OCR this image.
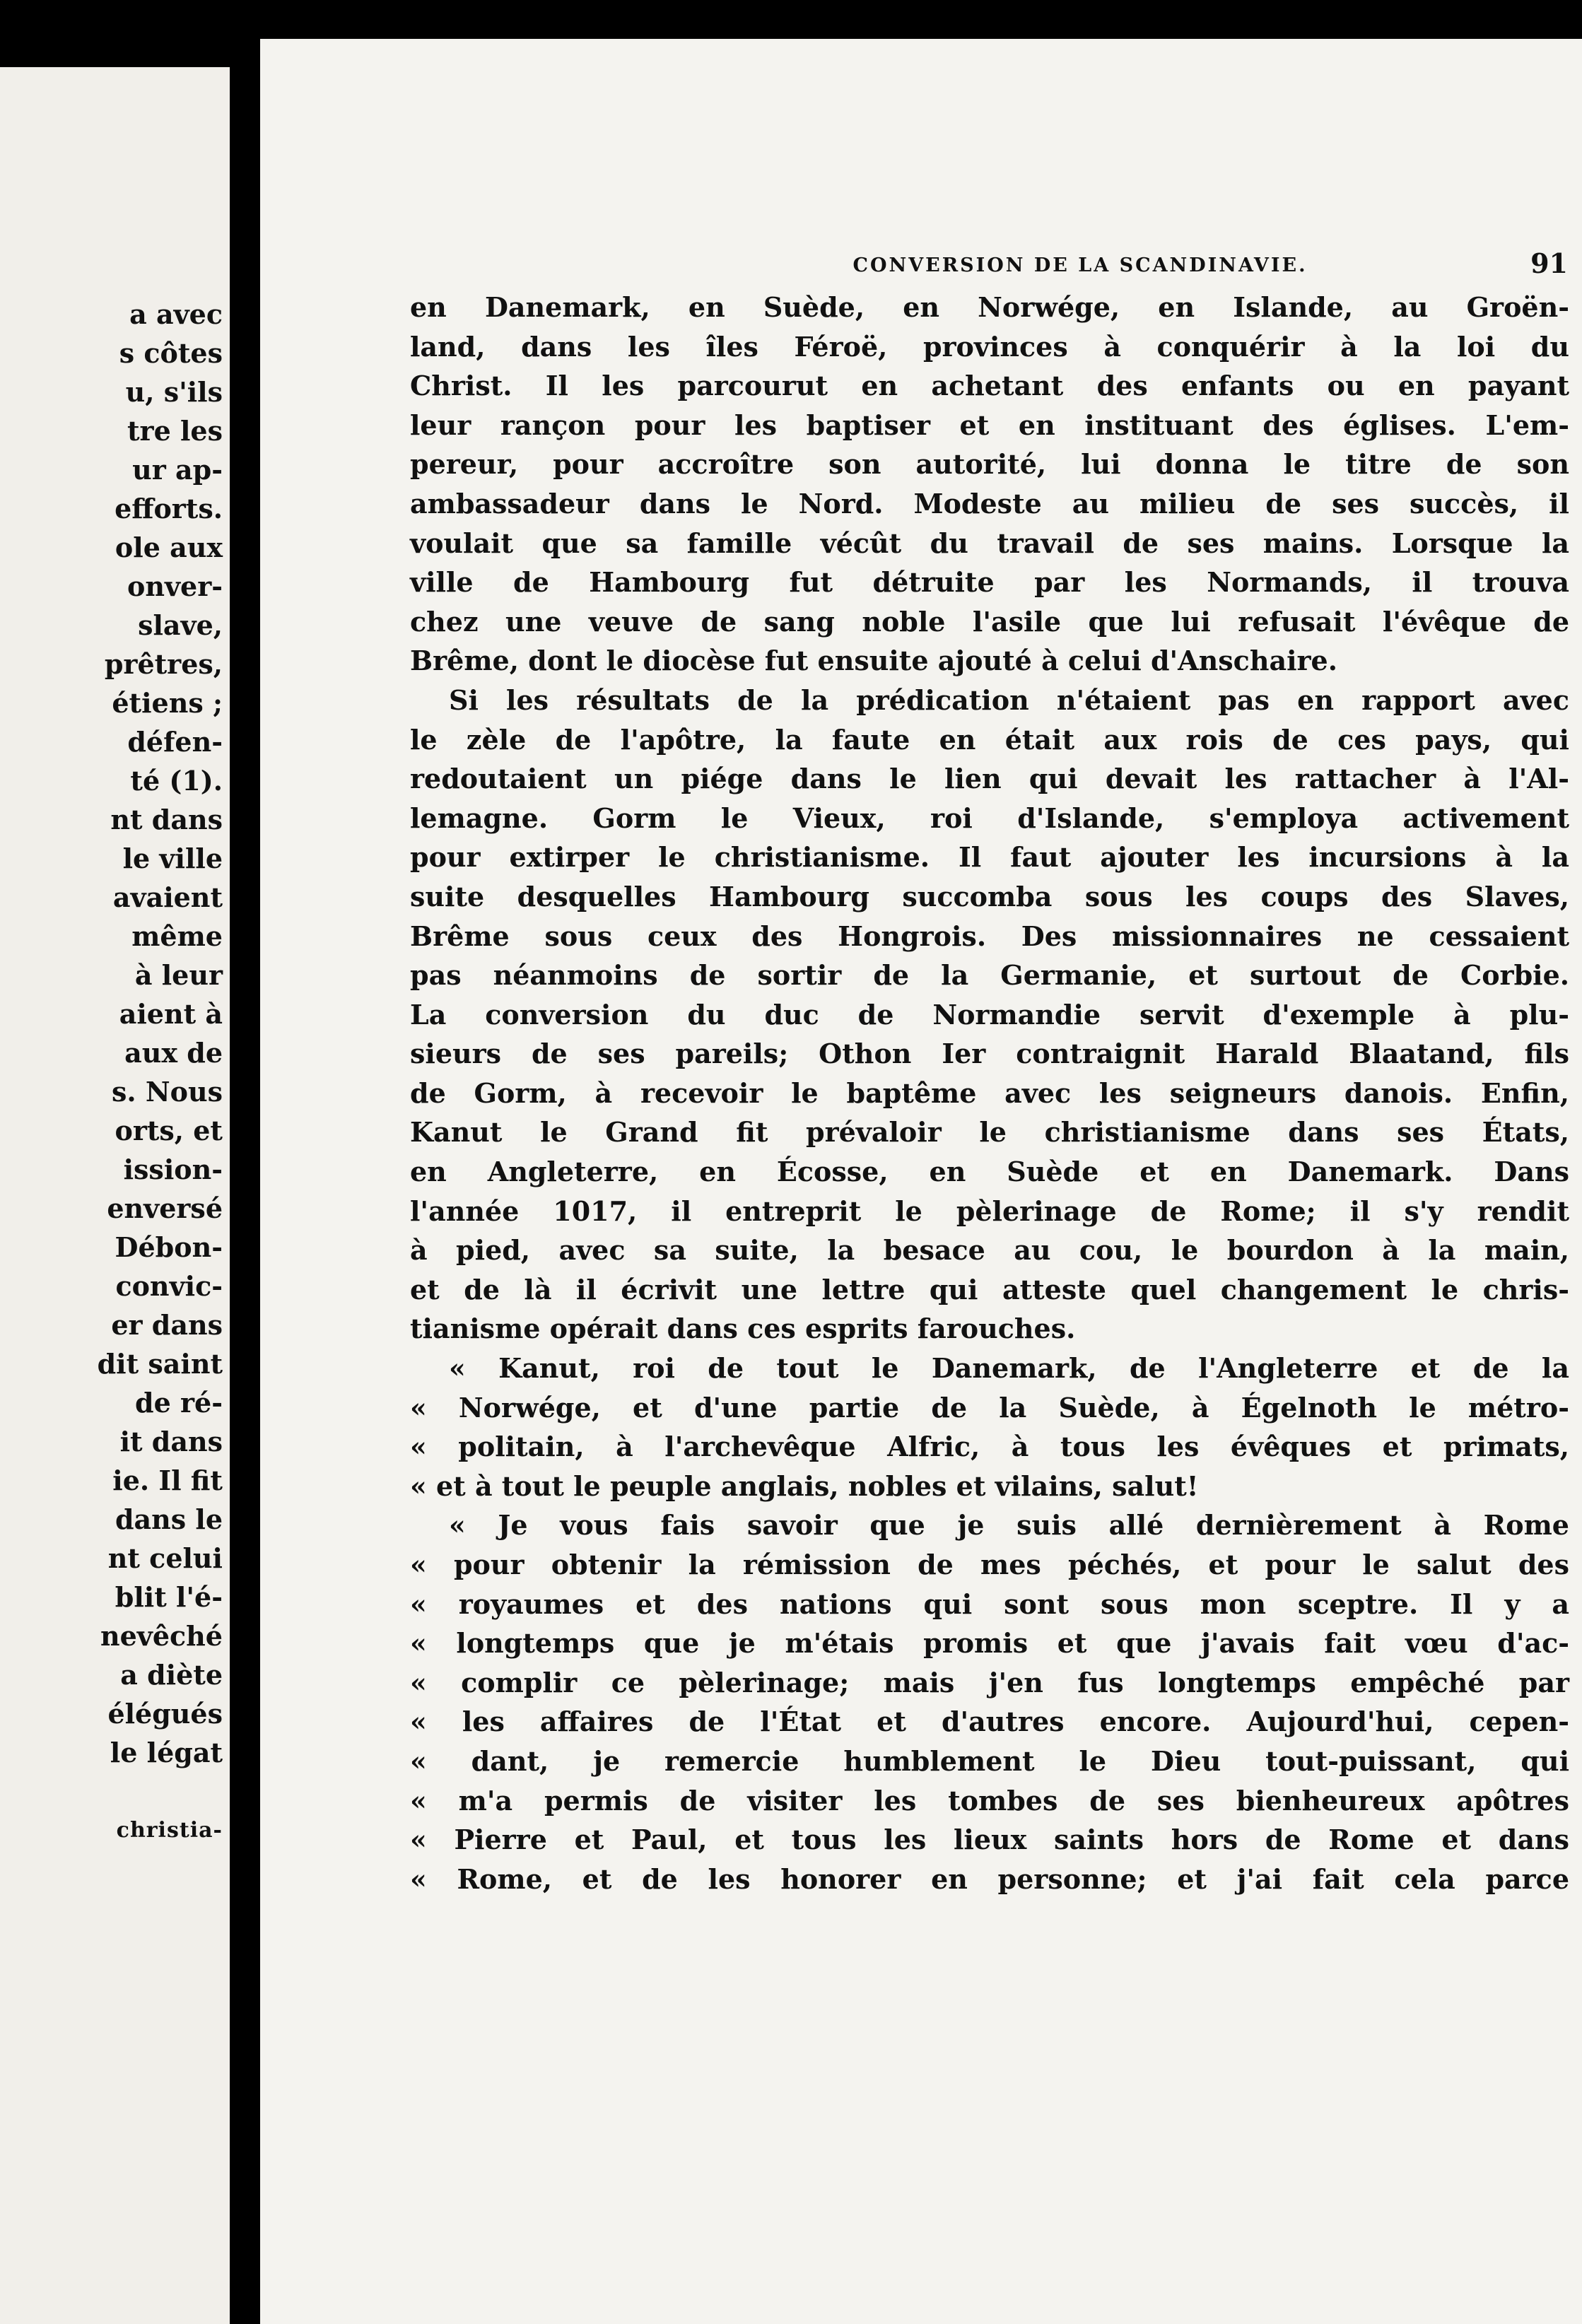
a avec
s côtes
u, s'ils
tre les
ur ap-
efforts.
ole aux
onver-
slave,
prêtres,
étiens ;
défen-
té (1).
nt dans
le ville
avaient
même
à leur
aient à
aux de
s. Nous
orts, et
ission-
enversé
Débon-
convic-
er dans
dit saint
de ré-
it dans
ie. Il fit
dans le
nt celui
blit l'é-
nevêché
a diète
élégués
le légat
christia-
CONVERSION DE LA SCANDINAVIE.	91
en Danemark, en Suède, en Norwége, en Islande, au Groën-
land, dans les îles Féroë, provinces à conquérir à la loi du
Christ. Il les parcourut en achetant des enfants ou en payant
leur rançon pour les baptiser et en instituant des églises. L'em-
pereur, pour accroître son autorité, lui donna le titre de son
ambassadeur dans le Nord. Modeste au milieu de ses succès, il
voulait que sa famille vécût du travail de ses mains. Lorsque la
ville de Hambourg fut détruite par les Normands, il trouva
chez une veuve de sang noble l'asile que lui refusait l'évêque de
Brême, dont le diocèse fut ensuite ajouté à celui d'Anschaire.
Si les résultats de la prédication n'étaient pas en rapport avec
le zèle de l'apôtre, la faute en était aux rois de ces pays, qui
redoutaient un piége dans le lien qui devait les rattacher à l'Al-
lemagne. Gorm le Vieux, roi d'Islande, s'employa activement
pour extirper le christianisme. Il faut ajouter les incursions à la
suite desquelles Hambourg succomba sous les coups des Slaves,
Brême sous ceux des Hongrois. Des missionnaires ne cessaient
pas néanmoins de sortir de la Germanie, et surtout de Corbie.
La conversion du duc de Normandie servit d'exemple à plu-
sieurs de ses pareils; Othon Ier contraignit Harald Blaatand, fils
de Gorm, à recevoir le baptême avec les seigneurs danois. Enfin,
Kanut le Grand fit prévaloir le christianisme dans ses États,
en Angleterre, en Écosse, en Suède et en Danemark. Dans
l'année 1017, il entreprit le pèlerinage de Rome; il s'y rendit
à pied, avec sa suite, la besace au cou, le bourdon à la main,
et de là il écrivit une lettre qui atteste quel changement le chris-
tianisme opérait dans ces esprits farouches.
« Kanut, roi de tout le Danemark, de l'Angleterre et de la
« Norwége, et d'une partie de la Suède, à Égelnoth le métro-
« politain, à l'archevêque Alfric, à tous les évêques et primats,
« et à tout le peuple anglais, nobles et vilains, salut!
« Je vous fais savoir que je suis allé dernièrement à Rome
« pour obtenir la rémission de mes péchés, et pour le salut des
« royaumes et des nations qui sont sous mon sceptre. Il y a
« longtemps que je m'étais promis et que j'avais fait vœu d'ac-
« complir ce pèlerinage; mais j'en fus longtemps empêché par
« les affaires de l'État et d'autres encore. Aujourd'hui, cepen-
« dant, je remercie humblement le Dieu tout-puissant, qui
« m'a permis de visiter les tombes de ses bienheureux apôtres
« Pierre et Paul, et tous les lieux saints hors de Rome et dans
« Rome, et de les honorer en personne; et j'ai fait cela parce
